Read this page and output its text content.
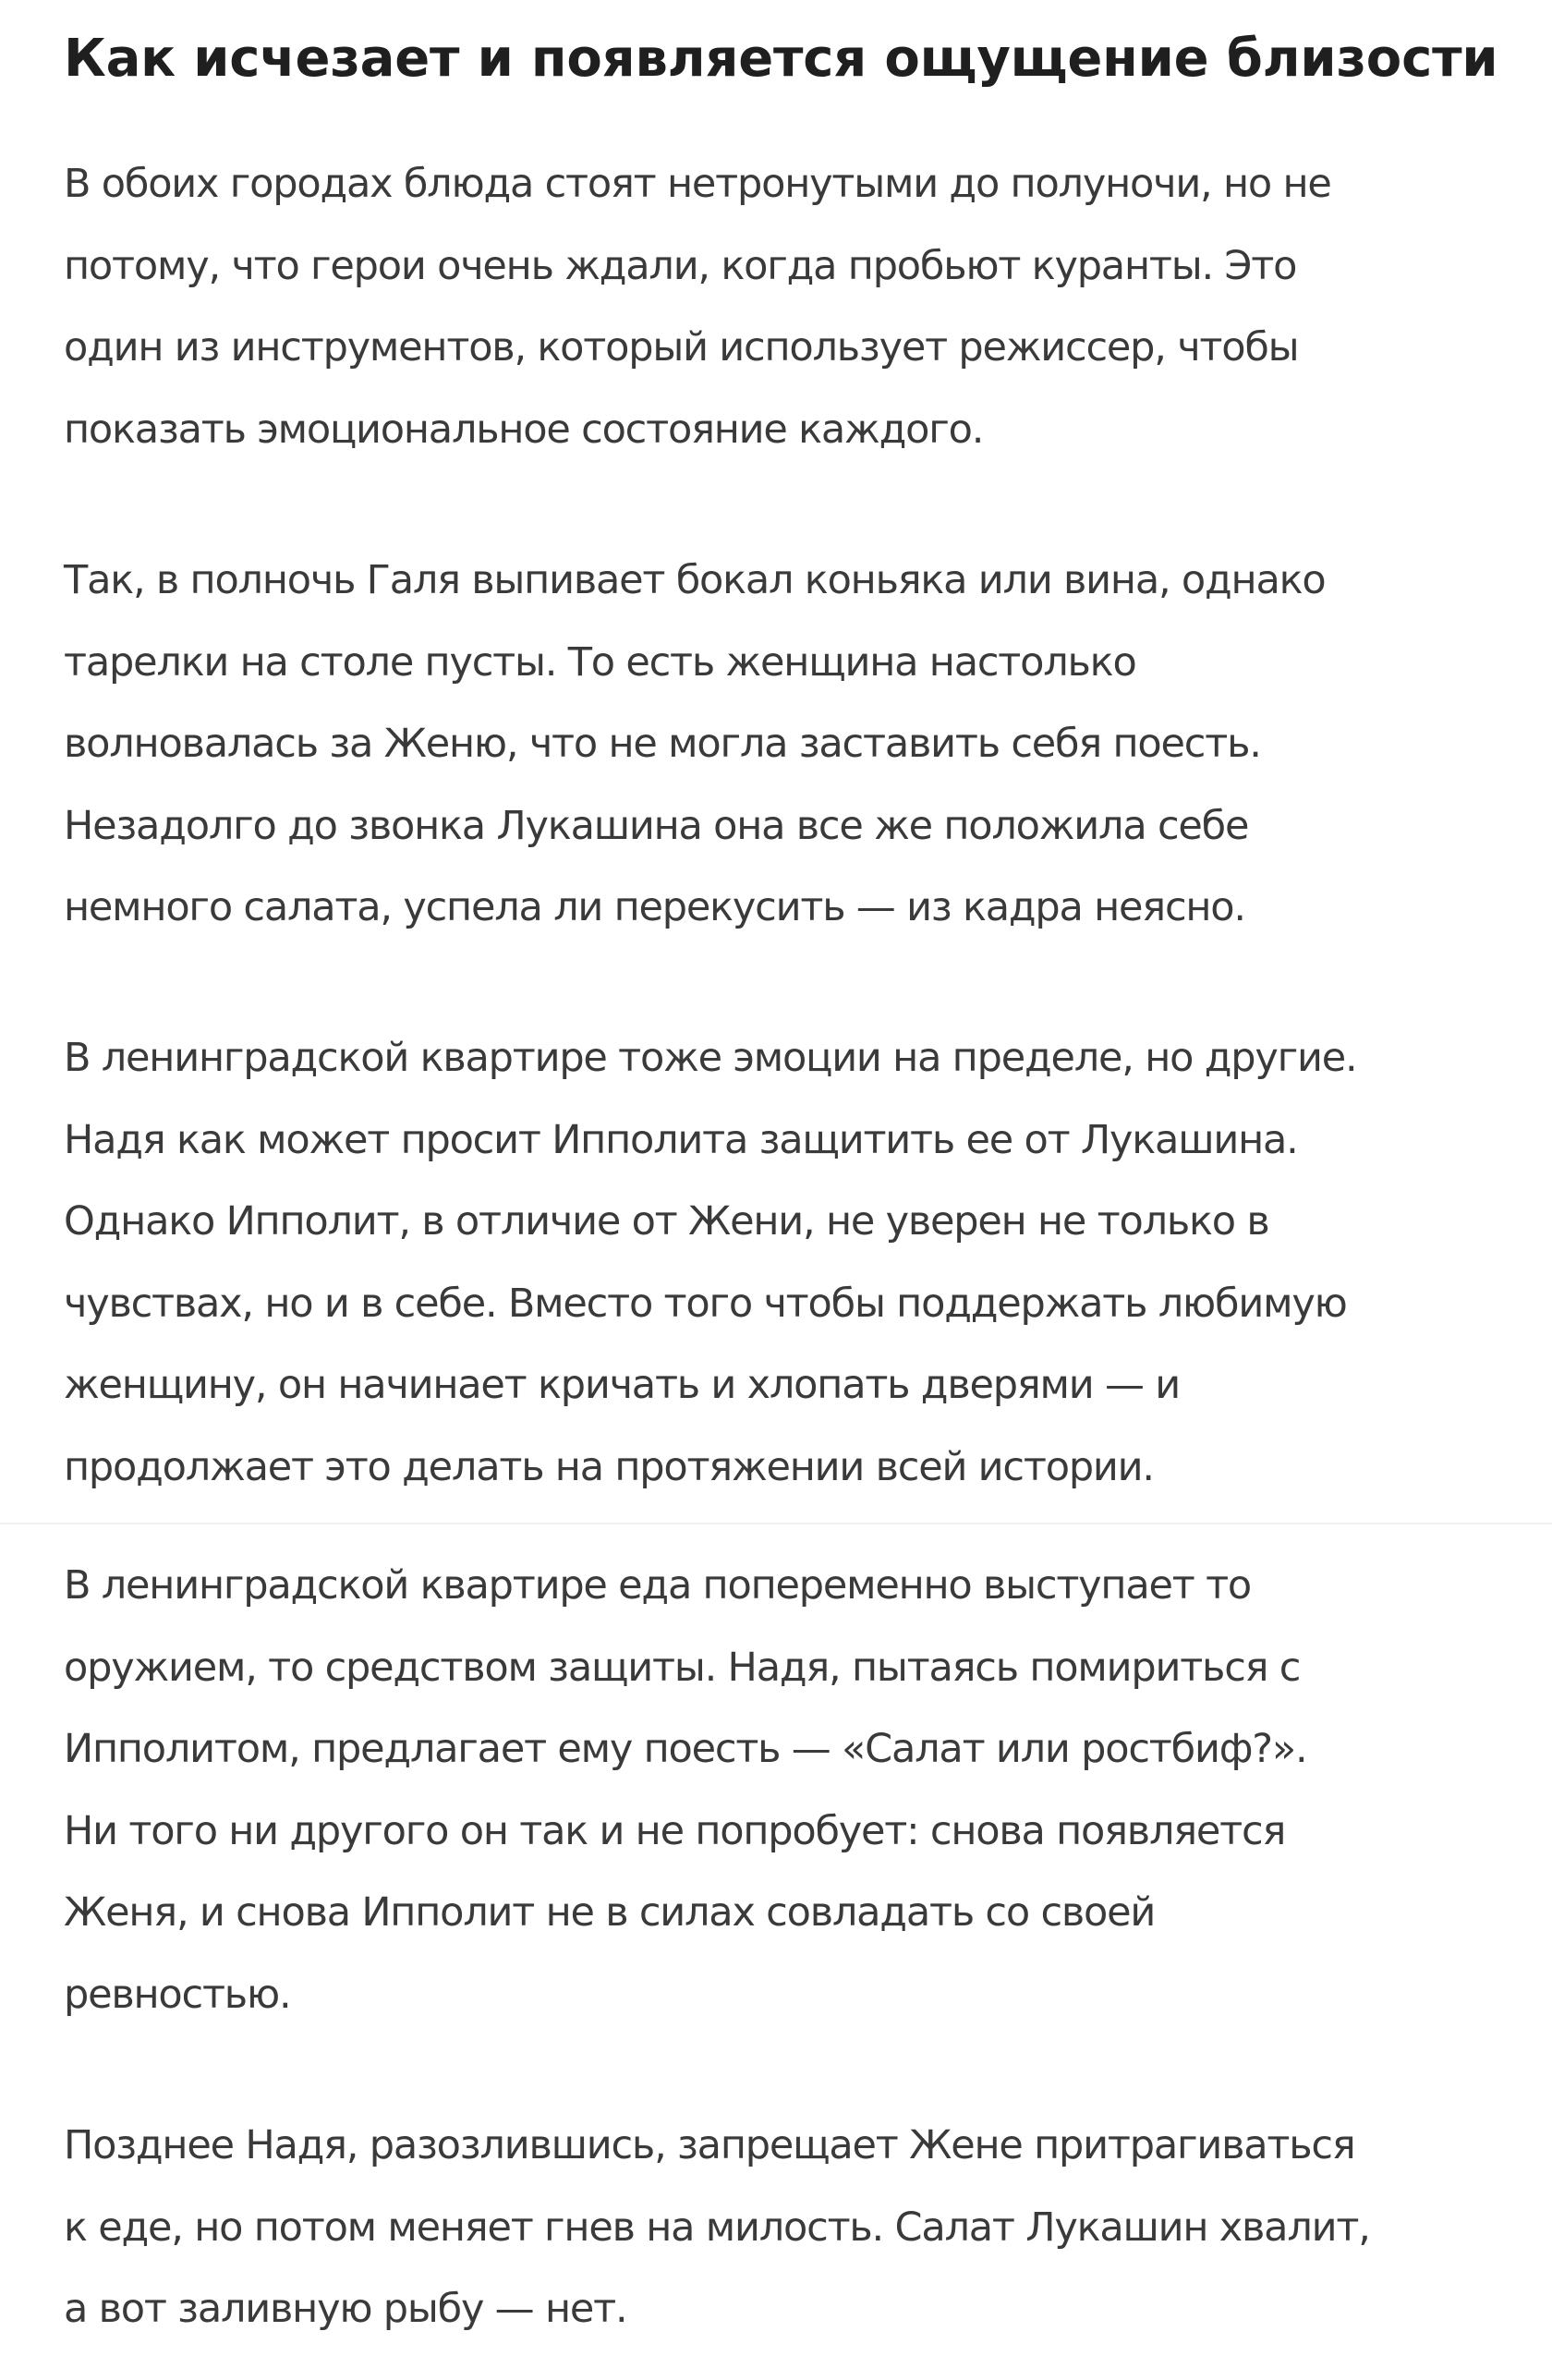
Как исчезает и появляется ощущение близости

В обоих городах блюда стоят нетронутыми до полуночи, но не
потому, что герои очень ждали, когда пробьют куранты. Это
один из инструментов, который использует режиссер, чтобы
показать эмоциональное состояние каждого.

Так, в полночь Галя выпивает бокал коньяка или вина, однако
тарелки на столе пусты. То есть женщина настолько
волновалась за Женю, что не могла заставить себя поесть.
Незадолго до звонка Лукашина она все же положила себе
немного салата, успела ли перекусить — из кадра неясно.

В ленинградской квартире тоже эмоции на пределе, но другие.
Надя как может просит Ипполита защитить ее от Лукашина.
Однако Ипполит, в отличие от Жени, не уверен не только в
чувствах, но и в себе. Вместо того чтобы поддержать любимую
женщину, он начинает кричать и хлопать дверями — и
продолжает это делать на протяжении всей истории.

В ленинградской квартире еда попеременно выступает то
оружием, то средством защиты. Надя, пытаясь помириться с
Ипполитом, предлагает ему поесть — «Салат или ростбиф?».
Ни того ни другого он так и не попробует: снова появляется
Женя, и снова Ипполит не в силах совладать со своей
ревностью.

Позднее Надя, разозлившись, запрещает Жене притрагиваться
к еде, но потом меняет гнев на милость. Салат Лукашин хвалит,
а вот заливную рыбу — нет.
